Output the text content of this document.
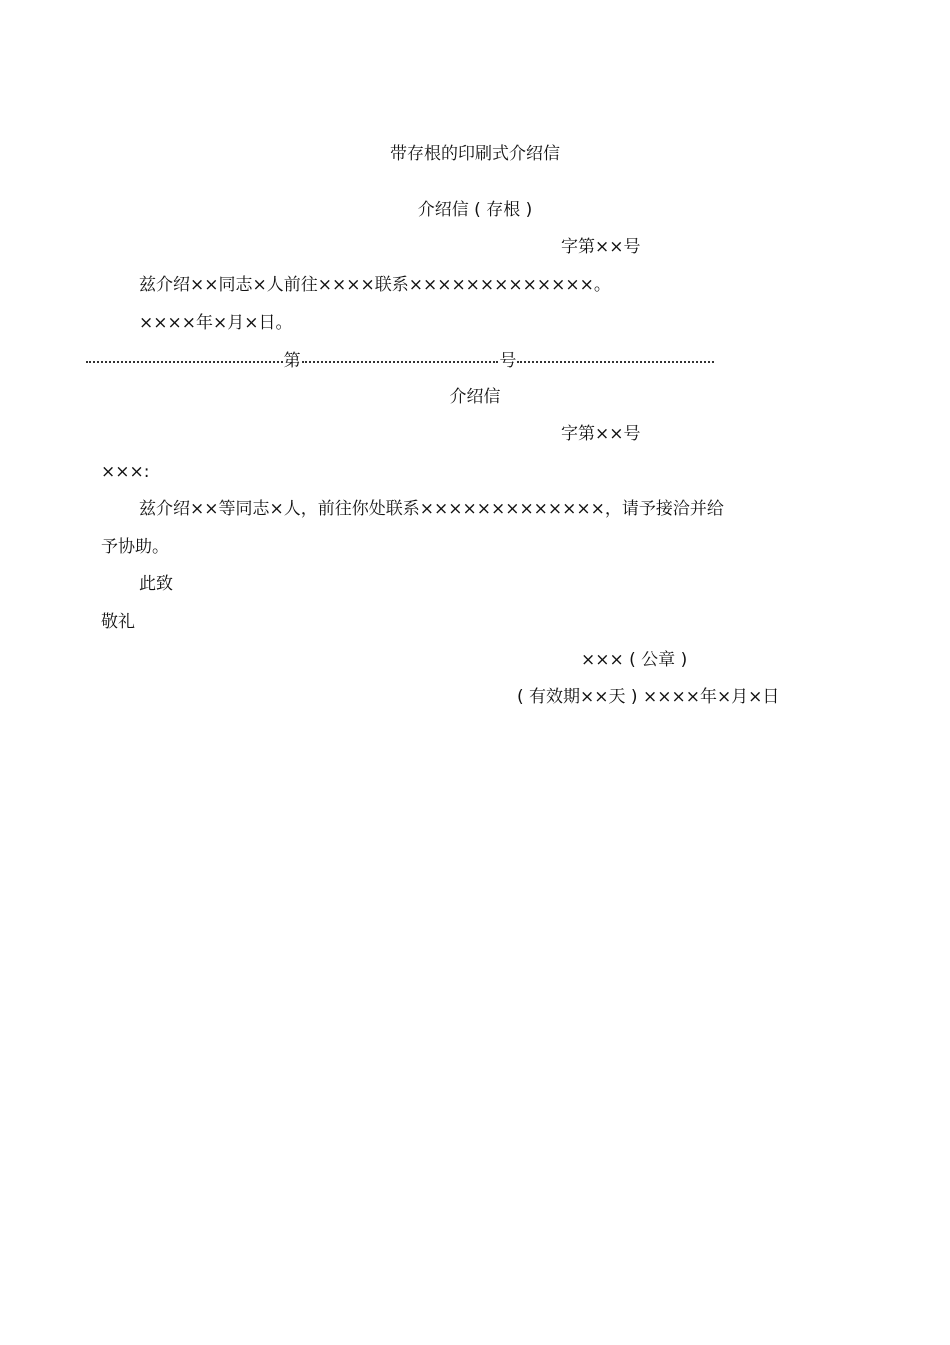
带存根的印刷式介绍信
介绍信 ( 存根 )
字第××号
兹介绍××同志×人前往××××联系×××××××××××××。
××××年×月×日。
第	号
介绍信
字第××号
×××:
兹介绍××等同志×人，前往你处联系×××××××××××××，请予接洽并给
予协助。
此致
敬礼
××× ( 公章 )
( 有效期××天 ) ××××年×月×日
